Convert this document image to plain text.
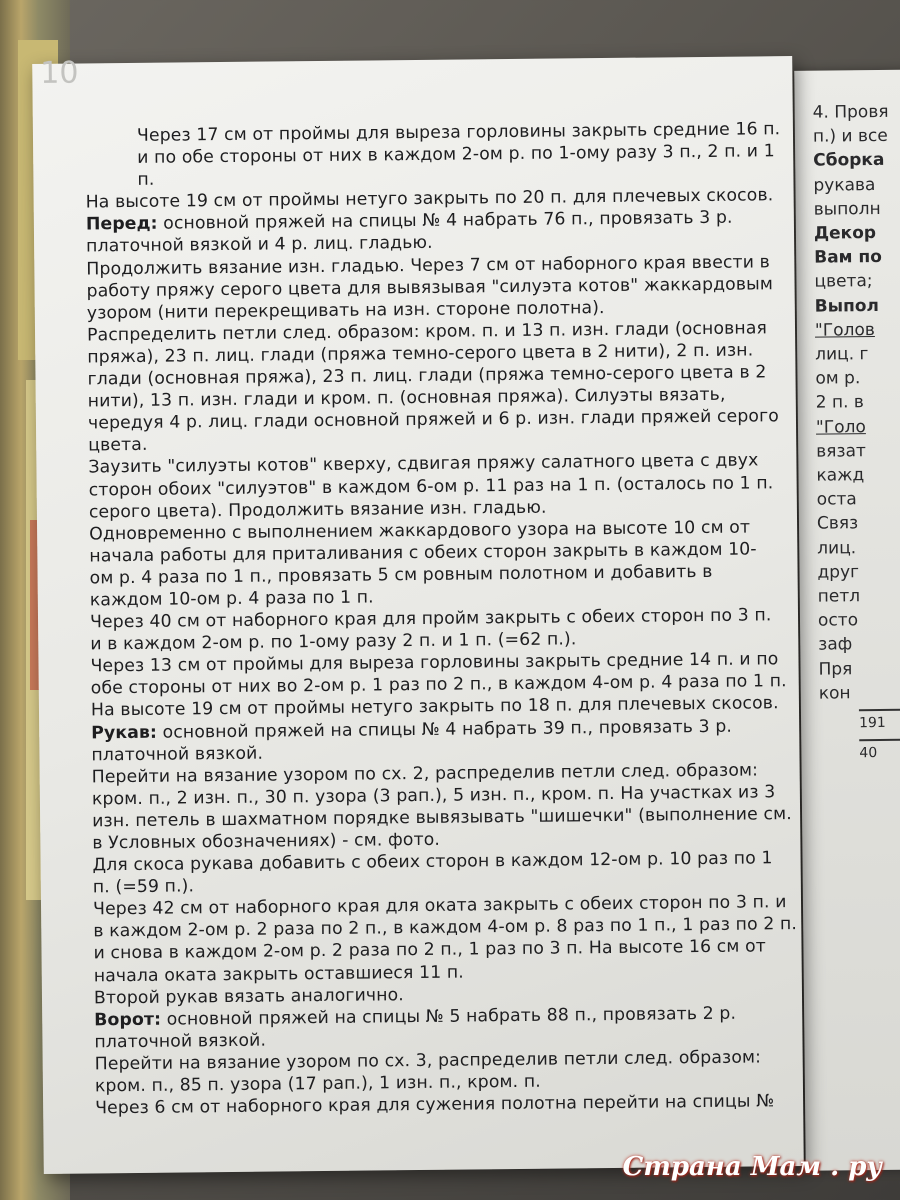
4. Провя

п.) и все

Сборка

рукава

выполн

Декор

Вам по

цвета;

Выпол

"Голов

лиц. г

ом р.

2 п. в

"Голо

вязат

кажд

оста

Связ

лиц.

друг

петл

осто

заф

Пря

кон

191

40

10

Через 17 см от проймы для выреза горловины закрыть средние 16 п.

и по обе стороны от них в каждом 2-ом р. по 1-ому разу 3 п., 2 п. и 1

п.

На высоте 19 см от проймы нетуго закрыть по 20 п. для плечевых скосов.

Перед: основной пряжей на спицы № 4 набрать 76 п., провязать 3 р.

платочной вязкой и 4 р. лиц. гладью.

Продолжить вязание изн. гладью. Через 7 см от наборного края ввести в

работу пряжу серого цвета для вывязывая "силуэта котов" жаккардовым

узором (нити перекрещивать на изн. стороне полотна).

Распределить петли след. образом: кром. п. и 13 п. изн. глади (основная

пряжа), 23 п. лиц. глади (пряжа темно-серого цвета в 2 нити), 2 п. изн.

глади (основная пряжа), 23 п. лиц. глади (пряжа темно-серого цвета в 2

нити), 13 п. изн. глади и кром. п. (основная пряжа). Силуэты вязать,

чередуя 4 р. лиц. глади основной пряжей и 6 р. изн. глади пряжей серого

цвета.

Заузить "силуэты котов" кверху, сдвигая пряжу салатного цвета с двух

сторон обоих "силуэтов" в каждом 6-ом р. 11 раз на 1 п. (осталось по 1 п.

серого цвета). Продолжить вязание изн. гладью.

Одновременно с выполнением жаккардового узора на высоте 10 см от

начала работы для приталивания с обеих сторон закрыть в каждом 10-

ом р. 4 раза по 1 п., провязать 5 см ровным полотном и добавить в

каждом 10-ом р. 4 раза по 1 п.

Через 40 см от наборного края для пройм закрыть с обеих сторон по 3 п.

и в каждом 2-ом р. по 1-ому разу 2 п. и 1 п. (=62 п.).

Через 13 см от проймы для выреза горловины закрыть средние 14 п. и по

обе стороны от них во 2-ом р. 1 раз по 2 п., в каждом 4-ом р. 4 раза по 1 п.

На высоте 19 см от проймы нетуго закрыть по 18 п. для плечевых скосов.

Рукав: основной пряжей на спицы № 4 набрать 39 п., провязать 3 р.

платочной вязкой.

Перейти на вязание узором по сх. 2, распределив петли след. образом:

кром. п., 2 изн. п., 30 п. узора (3 рап.), 5 изн. п., кром. п. На участках из 3

изн. петель в шахматном порядке вывязывать "шишечки" (выполнение см.

в Условных обозначениях) - см. фото.

Для скоса рукава добавить с обеих сторон в каждом 12-ом р. 10 раз по 1

п. (=59 п.).

Через 42 см от наборного края для оката закрыть с обеих сторон по 3 п. и

в каждом 2-ом р. 2 раза по 2 п., в каждом 4-ом р. 8 раз по 1 п., 1 раз по 2 п.

и снова в каждом 2-ом р. 2 раза по 2 п., 1 раз по 3 п. На высоте 16 см от

начала оката закрыть оставшиеся 11 п.

Второй рукав вязать аналогично.

Ворот: основной пряжей на спицы № 5 набрать 88 п., провязать 2 р.

платочной вязкой.

Перейти на вязание узором по сх. 3, распределив петли след. образом:

кром. п., 85 п. узора (17 рап.), 1 изн. п., кром. п.

Через 6 см от наборного края для сужения полотна перейти на спицы №

Страна Мам . ру
